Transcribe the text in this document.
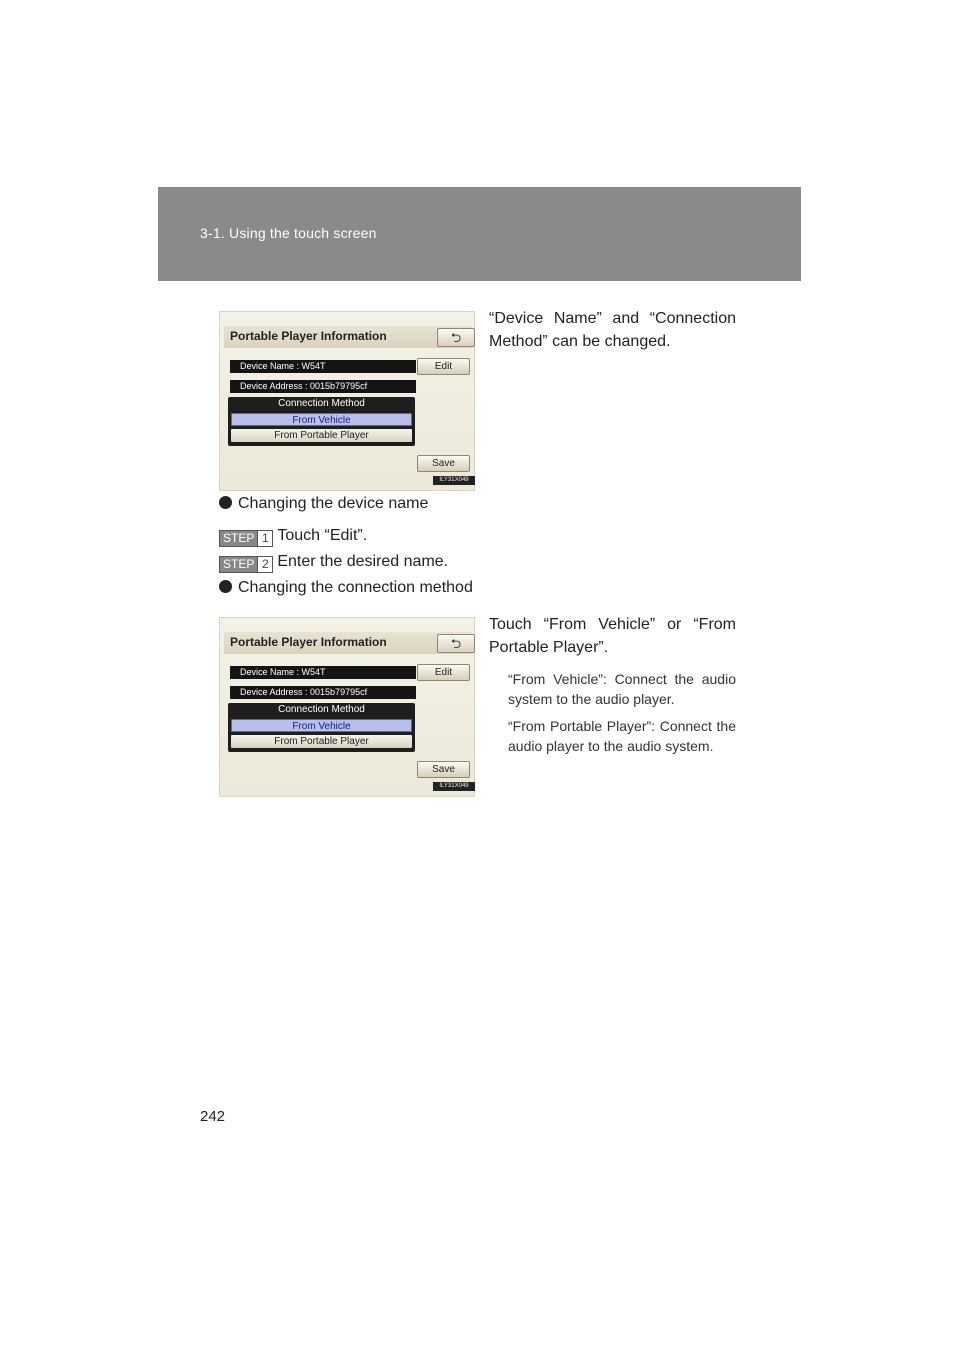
3-1. Using the touch screen
Portable Player Information	⮌
Device Name : W54T	Edit
Device Address : 0015b79795cf
Connection Method
From Vehicle
From Portable Player
Save
ILY31X049
“Device Name” and “Connection Method” can be changed.
Changing the device name
STEP 1 Touch “Edit”.
STEP 2 Enter the desired name.
Changing the connection method
Portable Player Information	⮌
Device Name : W54T	Edit
Device Address : 0015b79795cf
Connection Method
From Vehicle
From Portable Player
Save
ILY31X049
Touch “From Vehicle” or “From Portable Player”.
“From Vehicle”: Connect the audio system to the audio player.
“From Portable Player”: Connect the audio player to the audio system.
242
